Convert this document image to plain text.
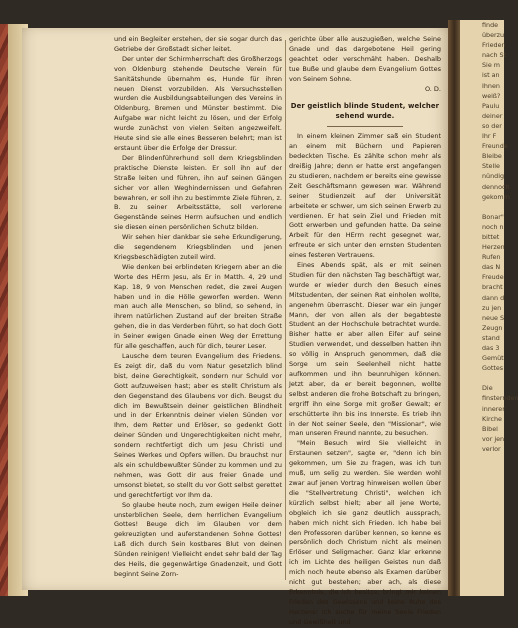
und ein Begleiter erstehen, der sie sogar durch das Getriebe der Großstadt sicher leitet.

Der unter der Schirmherrschaft des Großherzogs von Oldenburg stehende Deutsche Verein für Sanitätshunde übernahm es, Hunde für ihren neuen Dienst vorzubilden. Als Versuchsstellen wurden die Ausbildungsabteilungen des Vereins in Oldenburg, Bremen und Münster bestimmt. Die Aufgabe war nicht leicht zu lösen, und der Erfolg wurde zunächst von vielen Seiten angezweifelt. Heute sind sie alle eines Besseren belehrt; man ist erstaunt über die Erfolge der Dressur.

Der Blindenführerhund soll dem Kriegsblinden praktische Dienste leisten. Er soll ihn auf der Straße leiten und führen, ihn auf seinen Gängen sicher vor allen Weghindernissen und Gefahren bewahren, er soll ihn zu bestimmte Ziele führen, z. B. zu seiner Arbeitsstätte, soll verlorene Gegenstände seines Herrn aufsuchen und endlich sie diesen einen persönlichen Schutz bilden.

Wir sehen hier dankbar sie sehe Erkundigerung, die segendenem Kriegsblinden und jenen Kriegsbeschädigten zuteil wird.

Wie denken bei erblindeten Kriegern aber an die Worte des HErrn Jesu, als Er in Matth. 4, 29 und Kap. 18, 9 von Menschen redet, die zwei Augen haben und in die Hölle geworfen werden. Wenn man auch alle Menschen, so blind, so sehend, in ihrem natürlichen Zustand auf der breiten Straße gehen, die in das Verderben führt, so hat doch Gott in Seiner ewigen Gnade einen Weg der Errettung für alle geschaffen, auch für dich, teurer Leser.

Lausche dem teuren Evangelium des Friedens. Es zeigt dir, daß du vom Natur gesetzlich blind bist, deine Gerechtigkeit, sondern nur Schuld vor Gott aufzuweisen hast; aber es stellt Christum als den Gegenstand des Glaubens vor dich. Beugst du dich im Bewußtsein deiner geistlichen Blindheit und in der Erkenntnis deiner vielen Sünden vor Ihm, dem Retter und Erlöser, so gedenkt Gott deiner Sünden und Ungerechtigkeiten nicht mehr, sondern rechtfertigt dich um Jesu Christi und Seines Werkes und Opfers willen. Du brauchst nur als ein schuldbewußter Sünder zu kommen und zu nehmen, was Gott dir aus freier Gnade und umsonst bietet, so stellt du vor Gott selbst gerettet und gerechtfertigt vor Ihm da.

So glaube heute noch, zum ewigen Heile deiner unsterblichen Seele, dem herrlichen Evangelium Gottes! Beuge dich im Glauben vor dem gekreuzigten und auferstandenen Sohne Gottes! Laß dich durch Sein kostbares Blut von deinen Sünden reinigen! Vielleicht endet sehr bald der Tag des Heils, die gegenwärtige Gnadenzeit, und Gott beginnt Seine Zorn-

gerichte über alle auszugießen, welche Seine Gnade und das dargebotene Heil gering geachtet oder verschmäht haben. Deshalb tue Buße und glaube dem Evangelium Gottes von Seinem Sohne.

O. D.

Der geistlich blinde Student, welcher sehend wurde.

In einem kleinen Zimmer saß ein Student an einem mit Büchern und Papieren bedeckten Tische. Es zählte schon mehr als dreißig Jahre; denn er hatte erst angefangen zu studieren, nachdem er bereits eine gewisse Zeit Geschäftsmann gewesen war. Während seiner Studienzeit auf der Universität arbeitete er schwer, um sich seinen Erwerb zu verdienen. Er hat sein Ziel und Frieden mit Gott erwerben und gefunden hatte. Da seine Arbeit für den HErrn recht gesegnet war, erfreute er sich unter den ernsten Studenten eines festeren Vertrauens.

Eines Abends spät, als er mit seinen Studien für den nächsten Tag beschäftigt war, wurde er wieder durch den Besuch eines Mitstudenten, der seinen Rat einholen wollte, angenehm überrascht. Dieser war ein junger Mann, der von allen als der begabteste Student an der Hochschule betrachtet wurde. Bisher hatte er aber allen Eifer auf seine Studien verwendet, und desselben hatten ihn so völlig in Anspruch genommen, daß die Sorge um sein Seelenheil nicht hatte aufkommen und ihn beunruhigen können. Jetzt aber, da er bereit begonnen, wollte selbst anderen die frohe Botschaft zu bringen, ergriff ihn eine Sorge mit großer Gewalt; er erschütterte ihn bis ins Innerste. Es trieb ihn in der Not seiner Seele, den "Missionar", wie man unseren Freund nannte, zu besuchen.

"Mein Besuch wird Sie vielleicht in Erstaunen setzen", sagte er, "denn ich bin gekommen, um Sie zu fragen, was ich tun muß, um selig zu werden. Sie werden wohl zwar auf jenen Vortrag hinweisen wollen über die "Stellvertretung Christi", welchen ich kürzlich selbst hielt; aber all jene Worte, obgleich ich sie ganz deutlich aussprach, haben mich nicht sich Frieden. Ich habe bei den Professoren darüber kennen, so kenne es persönlich doch Christum nicht als meinen Erlöser und Seligmacher. Ganz klar erkenne ich im Lichte des heiligen Geistes nun daß mich noch heute ebenso als Examen darüber nicht gut bestehen; aber ach, als diese Erkenntnis, die ich besitze, bringt mir keinen Frieden des Gewissens und keine Ruhe des Herzens! Ich suche für meine Seele Frieden und Gewißheit und

finde
überzu
Frieden
nach St
Sie m
ist an
Ihnen
weiß?
Paulu
deiner
so der
Ihr F
Freunde
Bleibe
Stelle
nündig
dennoch
gekomm
Bonar"
noch n
bittet
Herzen
Rufen
das N
Freude
bracht
dann d
zu jen
neue S
Zeugn
stand
das 3
Gemüt
Gottes
Die
finsternden
innerer
Kirche
Bibel
vor jen
verlor
